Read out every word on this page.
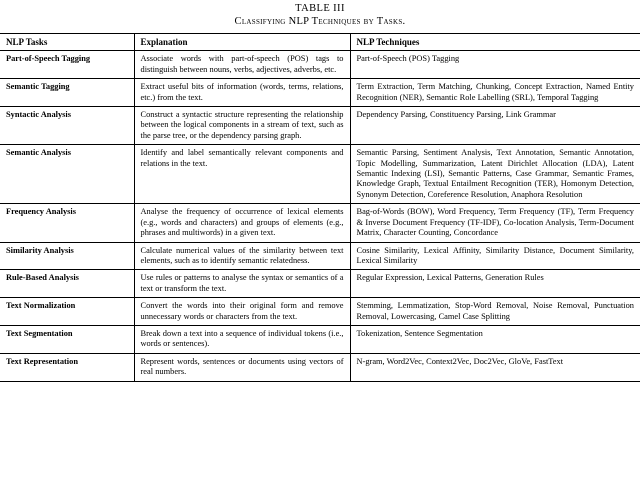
TABLE III
Classifying NLP Techniques by Tasks.
NLP Tasks	Explanation	NLP Techniques
Part-of-Speech Tagging	Associate words with part-of-speech (POS) tags to distinguish between nouns, verbs, adjectives, adverbs, etc.	Part-of-Speech (POS) Tagging
Semantic Tagging	Extract useful bits of information (words, terms, relations, etc.) from the text.	Term Extraction, Term Matching, Chunking, Concept Extraction, Named Entity Recognition (NER), Semantic Role Labelling (SRL), Temporal Tagging
Syntactic Analysis	Construct a syntactic structure representing the relationship between the logical components in a stream of text, such as the parse tree, or the dependency parsing graph.	Dependency Parsing, Constituency Parsing, Link Grammar
Semantic Analysis	Identify and label semantically relevant components and relations in the text.	Semantic Parsing, Sentiment Analysis, Text Annotation, Semantic Annotation, Topic Modelling, Summarization, Latent Dirichlet Allocation (LDA), Latent Semantic Indexing (LSI), Semantic Patterns, Case Grammar, Semantic Frames, Knowledge Graph, Textual Entailment Recognition (TER), Homonym Detection, Synonym Detection, Coreference Resolution, Anaphora Resolution
Frequency Analysis	Analyse the frequency of occurrence of lexical elements (e.g., words and characters) and groups of elements (e.g., phrases and multiwords) in a given text.	Bag-of-Words (BOW), Word Frequency, Term Frequency (TF), Term Frequency & Inverse Document Frequency (TF-IDF), Co-location Analysis, Term-Document Matrix, Character Counting, Concordance
Similarity Analysis	Calculate numerical values of the similarity between text elements, such as to identify semantic relatedness.	Cosine Similarity, Lexical Affinity, Similarity Distance, Document Similarity, Lexical Similarity
Rule-Based Analysis	Use rules or patterns to analyse the syntax or semantics of a text or transform the text.	Regular Expression, Lexical Patterns, Generation Rules
Text Normalization	Convert the words into their original form and remove unnecessary words or characters from the text.	Stemming, Lemmatization, Stop-Word Removal, Noise Removal, Punctuation Removal, Lowercasing, Camel Case Splitting
Text Segmentation	Break down a text into a sequence of individual tokens (i.e., words or sentences).	Tokenization, Sentence Segmentation
Text Representation	Represent words, sentences or documents using vectors of real numbers.	N-gram, Word2Vec, Context2Vec, Doc2Vec, GloVe, FastText
